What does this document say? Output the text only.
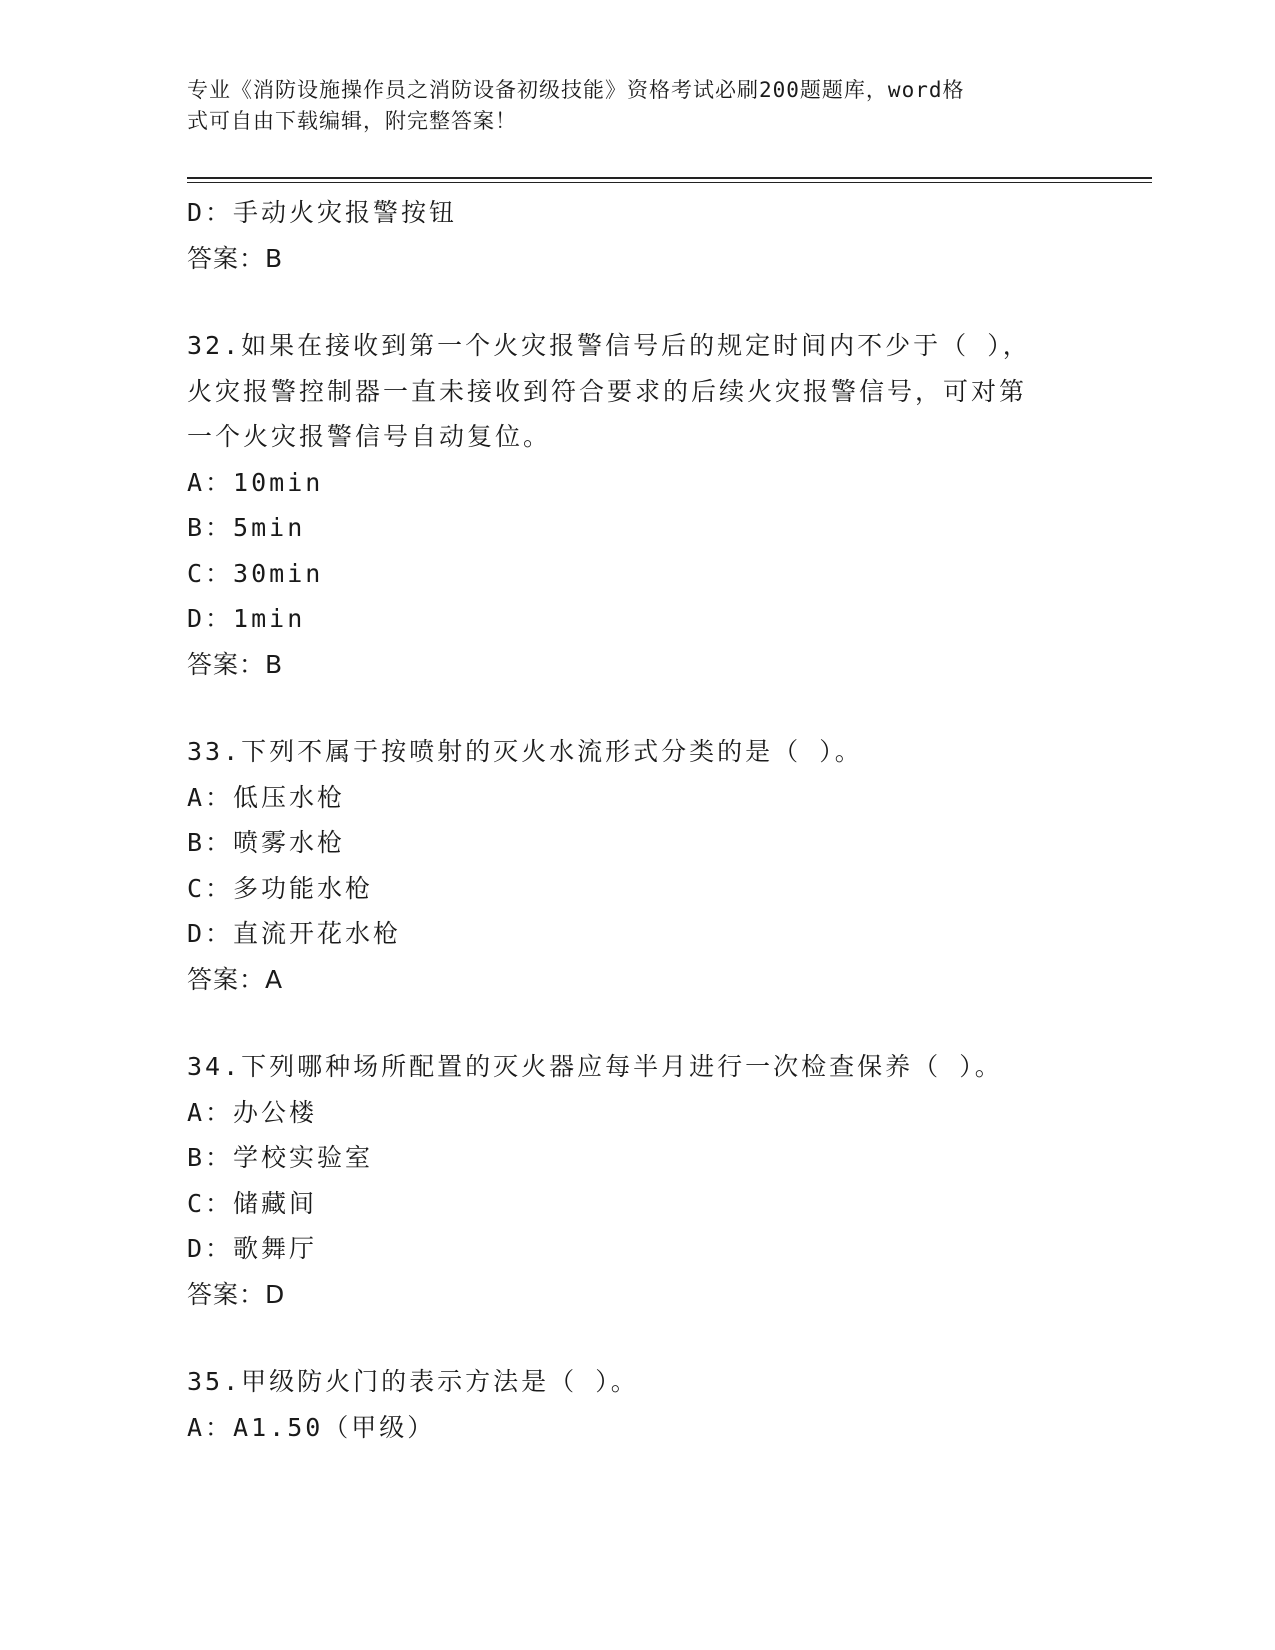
专业《消防设施操作员之消防设备初级技能》资格考试必刷200题题库，word格
式可自由下载编辑，附完整答案！
D：手动火灾报警按钮
答案：B
32.如果在接收到第一个火灾报警信号后的规定时间内不少于（ ），
火灾报警控制器一直未接收到符合要求的后续火灾报警信号，可对第
一个火灾报警信号自动复位。
A：10min
B：5min
C：30min
D：1min
答案：B
33.下列不属于按喷射的灭火水流形式分类的是（ ）。
A：低压水枪
B：喷雾水枪
C：多功能水枪
D：直流开花水枪
答案：A
34.下列哪种场所配置的灭火器应每半月进行一次检查保养（ ）。
A：办公楼
B：学校实验室
C：储藏间
D：歌舞厅
答案：D
35.甲级防火门的表示方法是（ ）。
A：A1.50（甲级）
